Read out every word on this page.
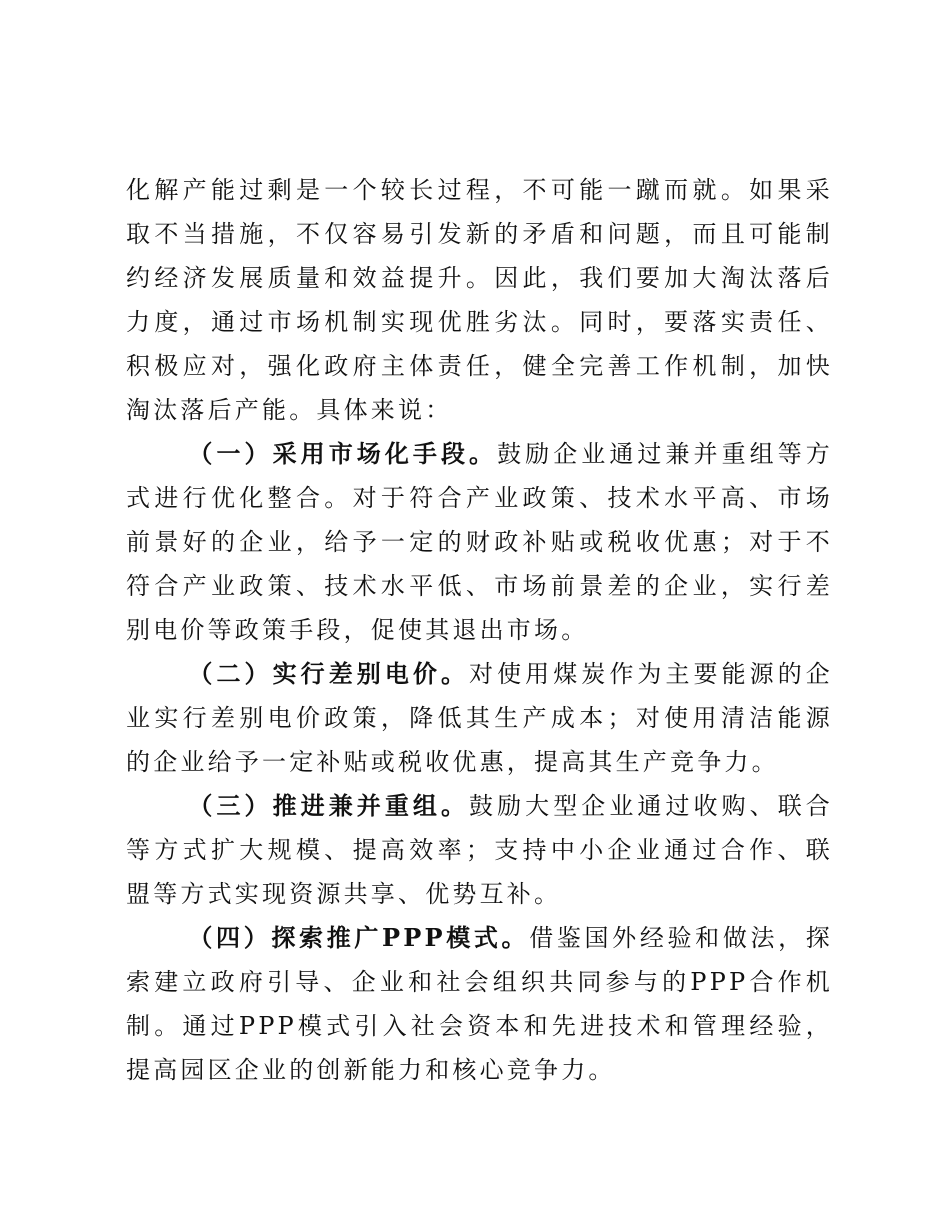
化解产能过剩是一个较长过程，不可能一蹴而就。如果采取不当措施，不仅容易引发新的矛盾和问题，而且可能制约经济发展质量和效益提升。因此，我们要加大淘汰落后力度，通过市场机制实现优胜劣汰。同时，要落实责任、积极应对，强化政府主体责任，健全完善工作机制，加快淘汰落后产能。具体来说：

（一）采用市场化手段。鼓励企业通过兼并重组等方式进行优化整合。对于符合产业政策、技术水平高、市场前景好的企业，给予一定的财政补贴或税收优惠；对于不符合产业政策、技术水平低、市场前景差的企业，实行差别电价等政策手段，促使其退出市场。

（二）实行差别电价。对使用煤炭作为主要能源的企业实行差别电价政策，降低其生产成本；对使用清洁能源的企业给予一定补贴或税收优惠，提高其生产竞争力。

（三）推进兼并重组。鼓励大型企业通过收购、联合等方式扩大规模、提高效率；支持中小企业通过合作、联盟等方式实现资源共享、优势互补。

（四）探索推广PPP模式。借鉴国外经验和做法，探索建立政府引导、企业和社会组织共同参与的PPP合作机制。通过PPP模式引入社会资本和先进技术和管理经验，提高园区企业的创新能力和核心竞争力。
